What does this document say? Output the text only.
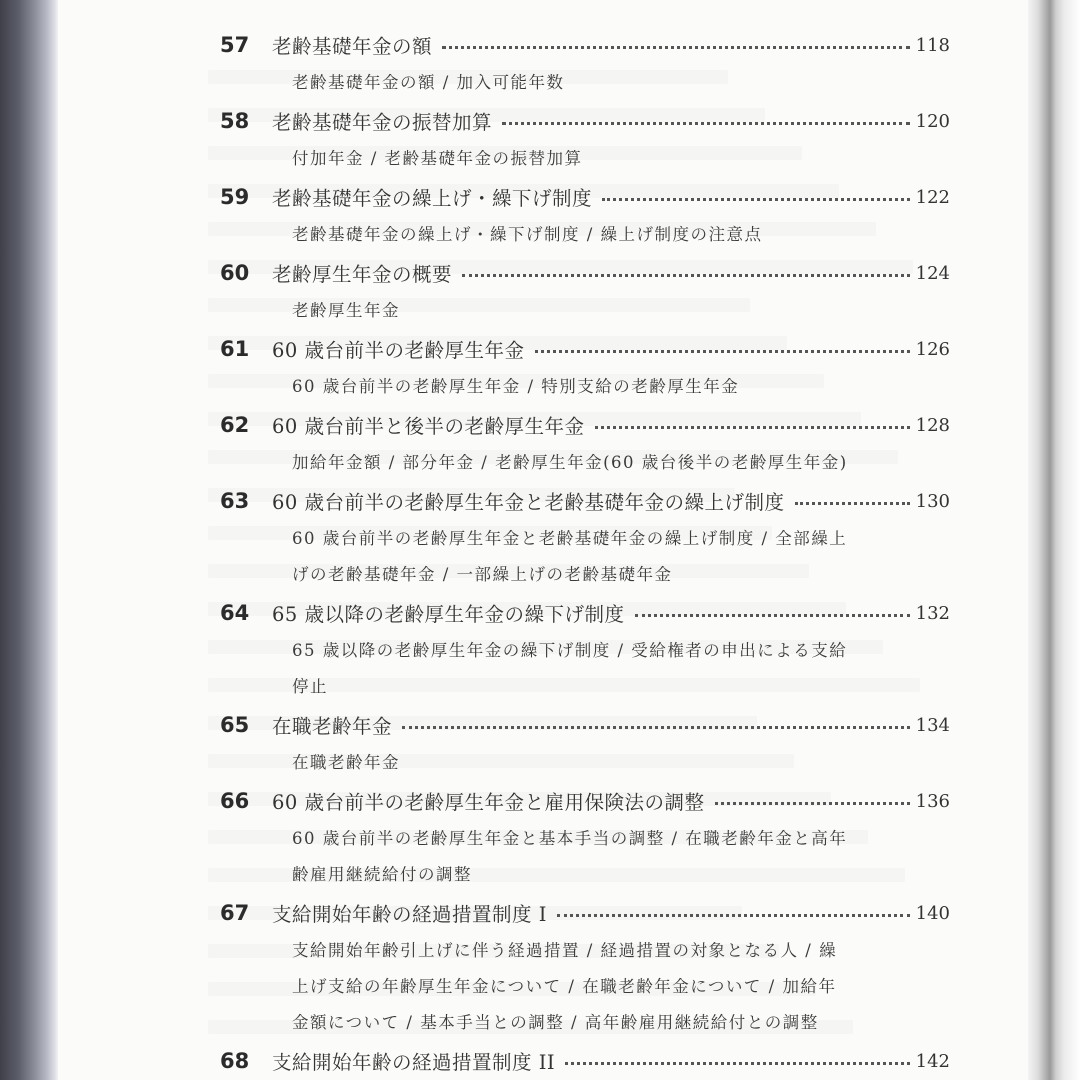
57	老齢基礎年金の額	118
老齢基礎年金の額 / 加入可能年数
58	老齢基礎年金の振替加算	120
付加年金 / 老齢基礎年金の振替加算
59	老齢基礎年金の繰上げ・繰下げ制度	122
老齢基礎年金の繰上げ・繰下げ制度 / 繰上げ制度の注意点
60	老齢厚生年金の概要	124
老齢厚生年金
61	60 歳台前半の老齢厚生年金	126
60 歳台前半の老齢厚生年金 / 特別支給の老齢厚生年金
62	60 歳台前半と後半の老齢厚生年金	128
加給年金額 / 部分年金 / 老齢厚生年金(60 歳台後半の老齢厚生年金)
63	60 歳台前半の老齢厚生年金と老齢基礎年金の繰上げ制度	130
60 歳台前半の老齢厚生年金と老齢基礎年金の繰上げ制度 / 全部繰上
げの老齢基礎年金 / 一部繰上げの老齢基礎年金
64	65 歳以降の老齢厚生年金の繰下げ制度	132
65 歳以降の老齢厚生年金の繰下げ制度 / 受給権者の申出による支給
停止
65	在職老齢年金	134
在職老齢年金
66	60 歳台前半の老齢厚生年金と雇用保険法の調整	136
60 歳台前半の老齢厚生年金と基本手当の調整 / 在職老齢年金と高年
齢雇用継続給付の調整
67	支給開始年齢の経過措置制度 I	140
支給開始年齢引上げに伴う経過措置 / 経過措置の対象となる人 / 繰
上げ支給の年齢厚生年金について / 在職老齢年金について / 加給年
金額について / 基本手当との調整 / 高年齢雇用継続給付との調整
68	支給開始年齢の経過措置制度 II	142
